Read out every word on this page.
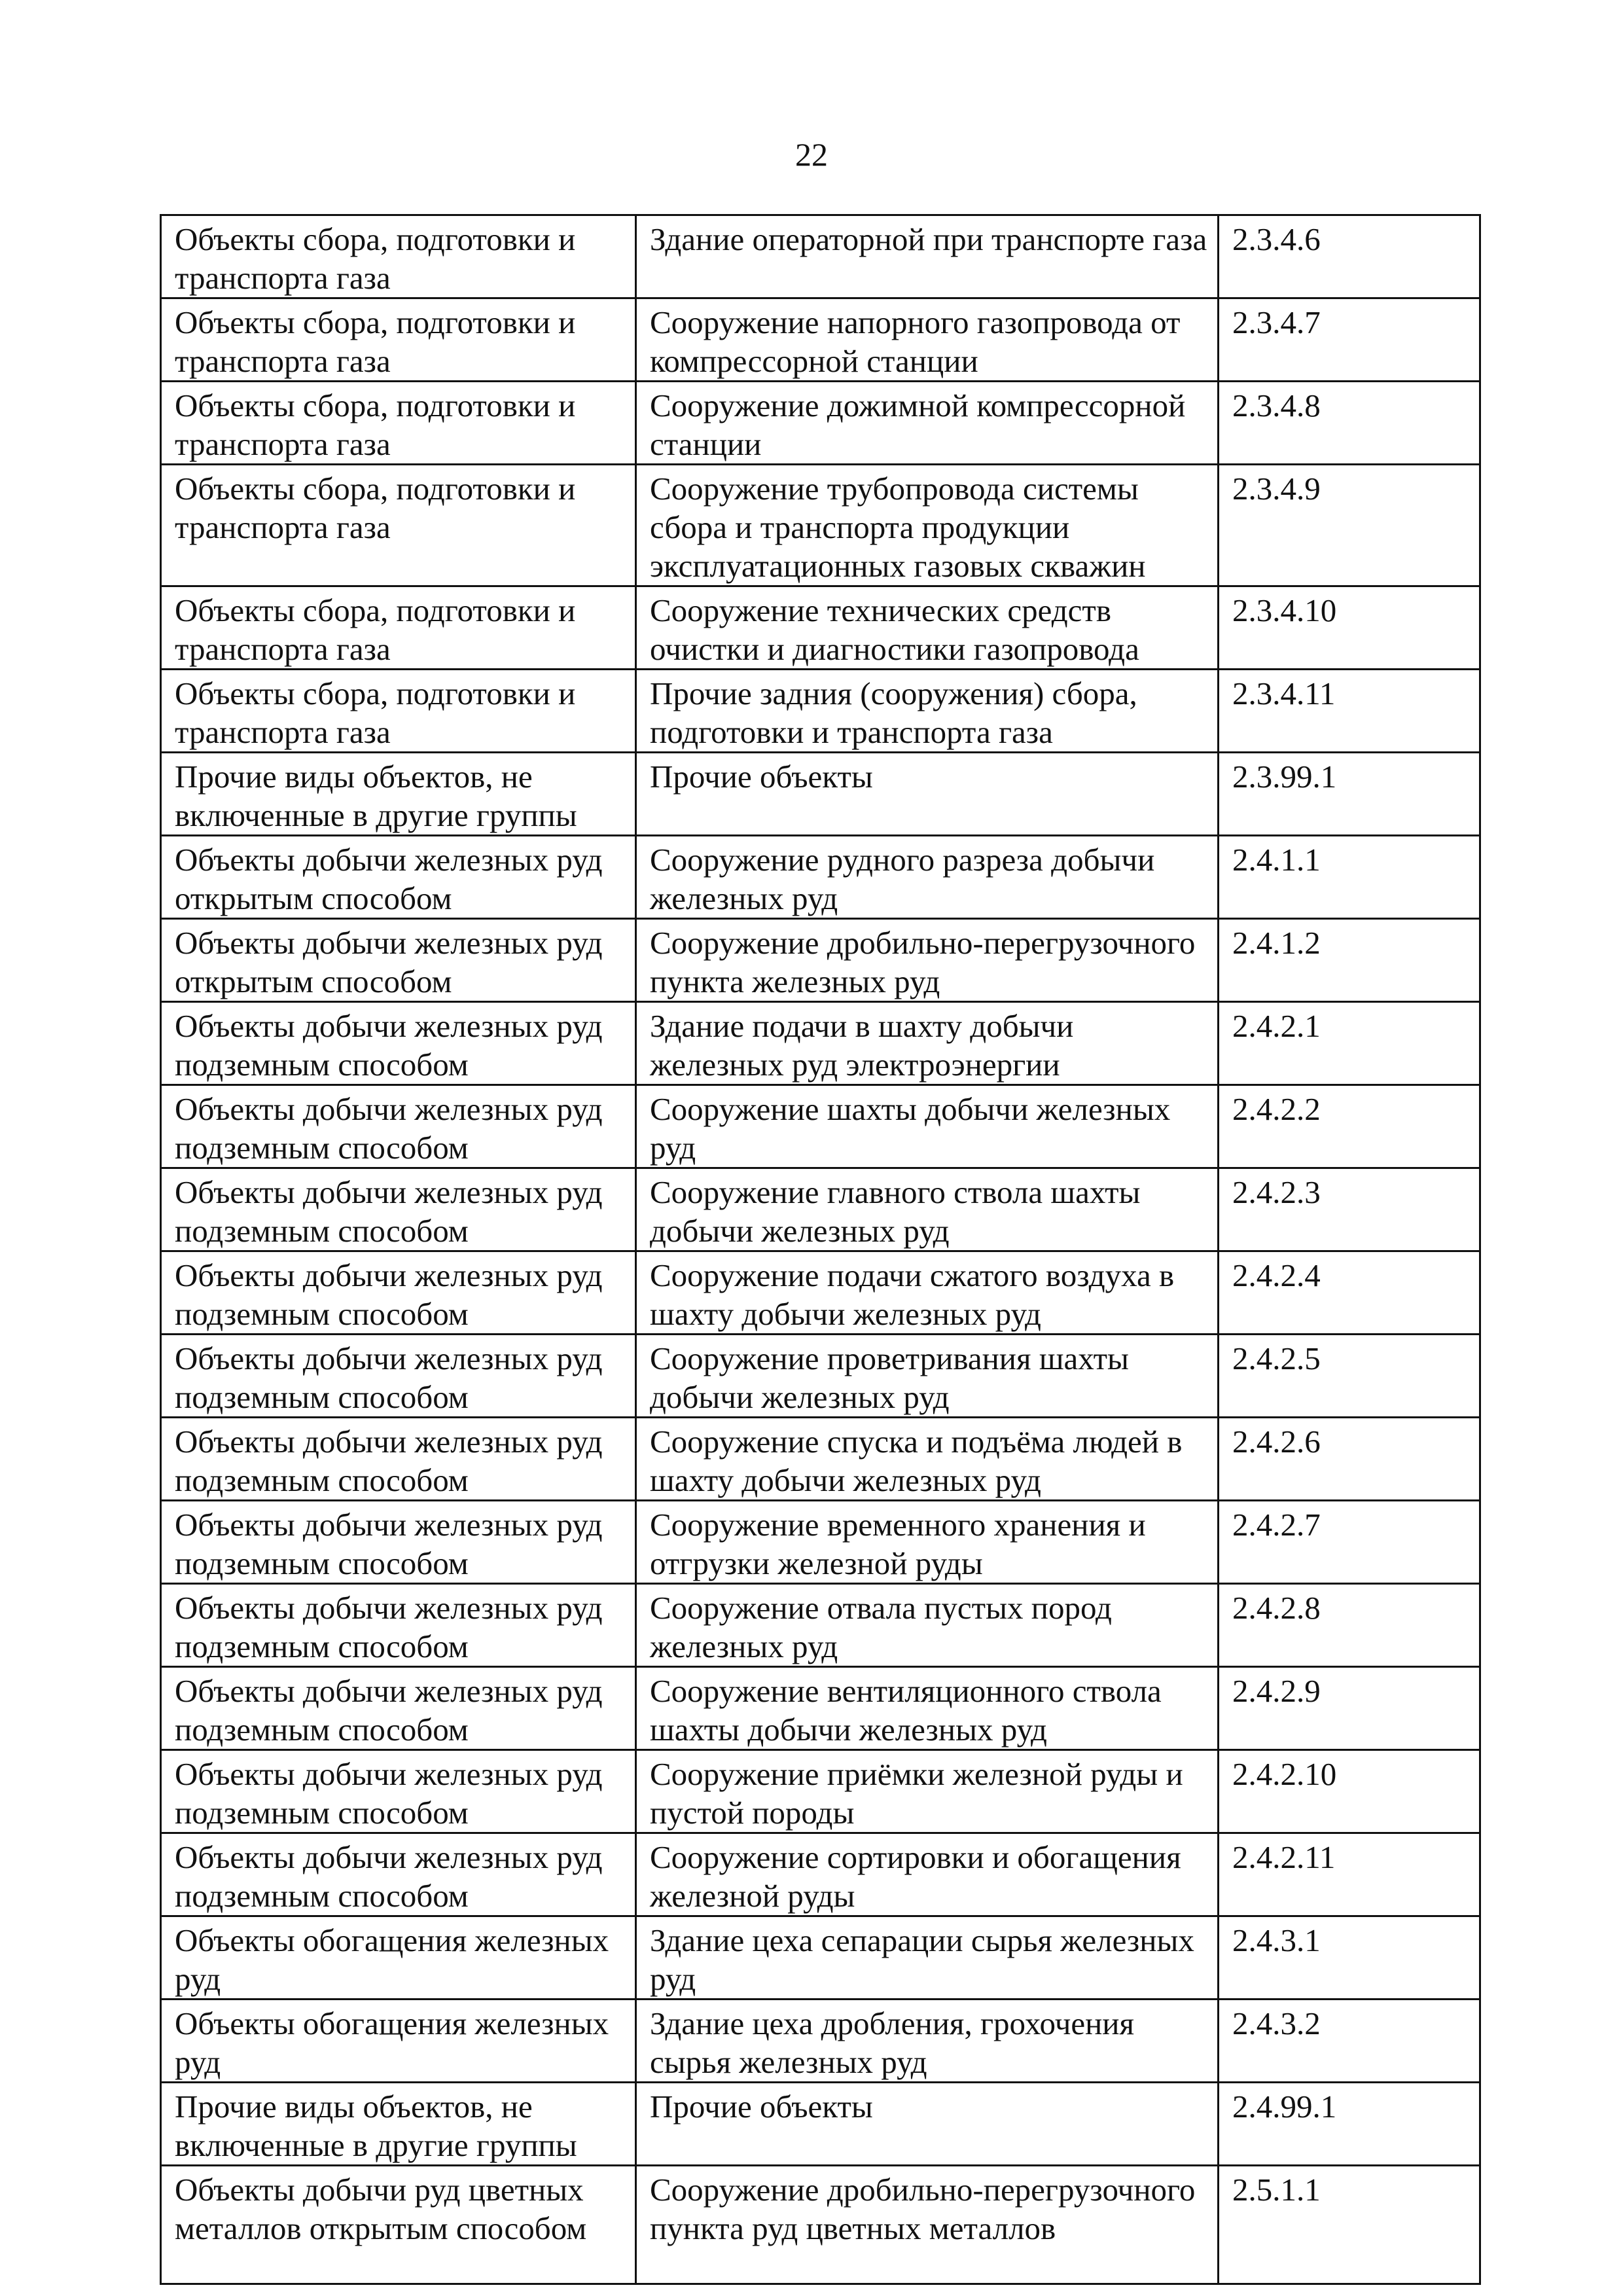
22
Объекты сбора, подготовки и транспорта газа	Здание операторной при транспорте газа	2.3.4.6
Объекты сбора, подготовки и транспорта газа	Сооружение напорного газопровода от компрессорной станции	2.3.4.7
Объекты сбора, подготовки и транспорта газа	Сооружение дожимной компрессорной станции	2.3.4.8
Объекты сбора, подготовки и транспорта газа	Сооружение трубопровода системы сбора и транспорта продукции эксплуатационных газовых скважин	2.3.4.9
Объекты сбора, подготовки и транспорта газа	Сооружение технических средств очистки и диагностики газопровода	2.3.4.10
Объекты сбора, подготовки и транспорта газа	Прочие задния (сооружения) сбора, подготовки и транспорта газа	2.3.4.11
Прочие виды объектов, не включенные в другие группы	Прочие объекты	2.3.99.1
Объекты добычи железных руд открытым способом	Сооружение рудного разреза добычи железных руд	2.4.1.1
Объекты добычи железных руд открытым способом	Сооружение дробильно-перегрузочного пункта железных руд	2.4.1.2
Объекты добычи железных руд подземным способом	Здание подачи в шахту добычи железных руд электроэнергии	2.4.2.1
Объекты добычи железных руд подземным способом	Сооружение шахты добычи железных руд	2.4.2.2
Объекты добычи железных руд подземным способом	Сооружение главного ствола шахты добычи железных руд	2.4.2.3
Объекты добычи железных руд подземным способом	Сооружение подачи сжатого воздуха в шахту добычи железных руд	2.4.2.4
Объекты добычи железных руд подземным способом	Сооружение проветривания шахты добычи железных руд	2.4.2.5
Объекты добычи железных руд подземным способом	Сооружение спуска и подъёма людей в шахту добычи железных руд	2.4.2.6
Объекты добычи железных руд подземным способом	Сооружение временного хранения и отгрузки железной руды	2.4.2.7
Объекты добычи железных руд подземным способом	Сооружение отвала пустых пород железных руд	2.4.2.8
Объекты добычи железных руд подземным способом	Сооружение вентиляционного ствола шахты добычи железных руд	2.4.2.9
Объекты добычи железных руд подземным способом	Сооружение приёмки железной руды и пустой породы	2.4.2.10
Объекты добычи железных руд подземным способом	Сооружение сортировки и обогащения железной руды	2.4.2.11
Объекты обогащения железных руд	Здание цеха сепарации сырья железных руд	2.4.3.1
Объекты обогащения железных руд	Здание цеха дробления, грохочения сырья железных руд	2.4.3.2
Прочие виды объектов, не включенные в другие группы	Прочие объекты	2.4.99.1
Объекты добычи руд цветных металлов открытым способом	Сооружение дробильно-перегрузочного пункта руд цветных металлов	2.5.1.1
